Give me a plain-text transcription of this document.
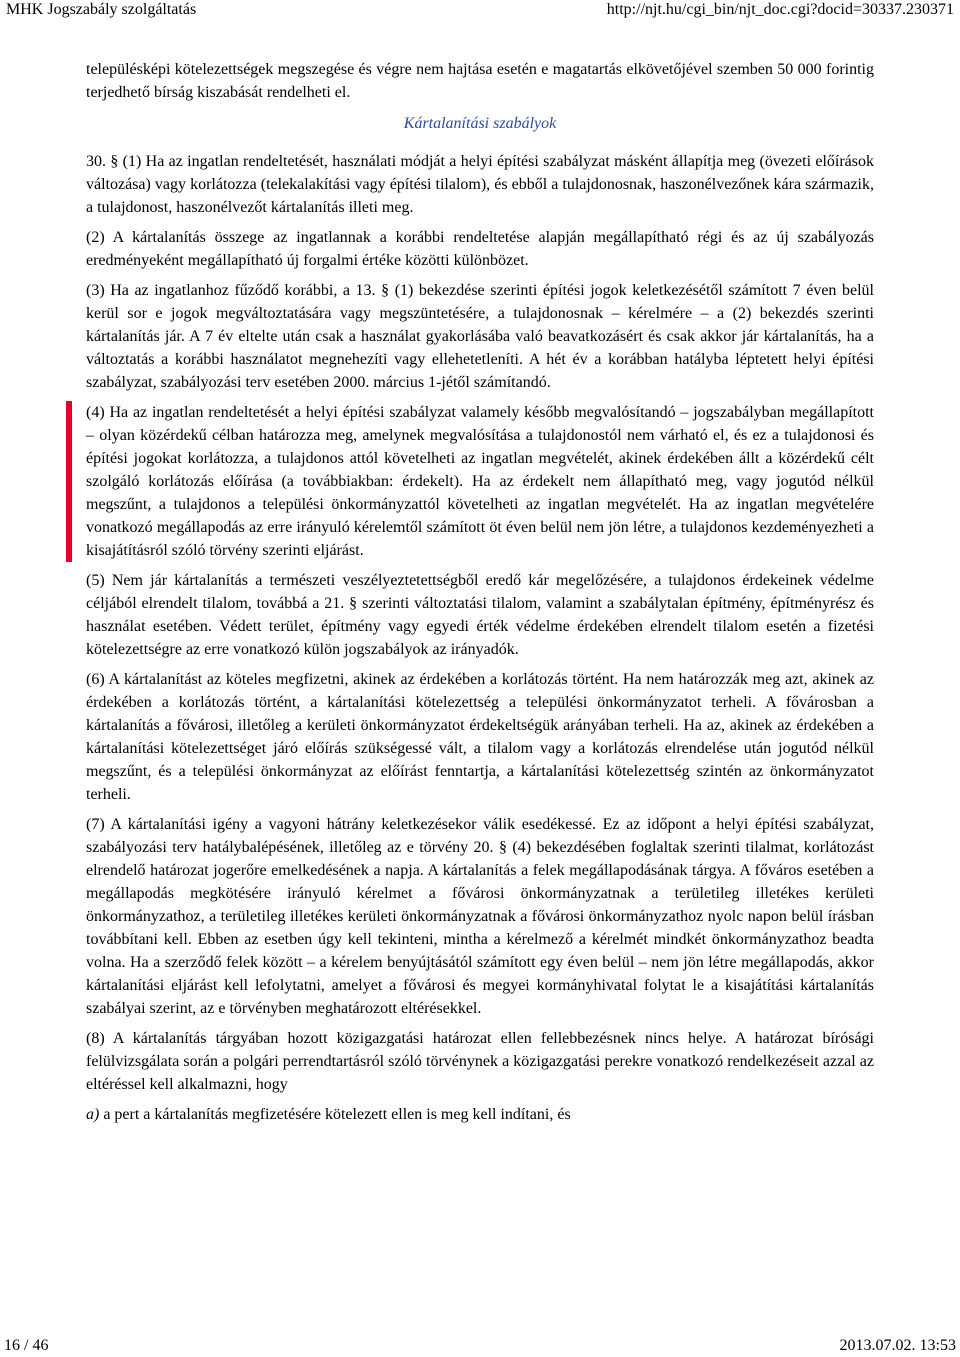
MHK Jogszabály szolgáltatás	http://njt.hu/cgi_bin/njt_doc.cgi?docid=30337.230371

településképi kötelezettségek megszegése és végre nem hajtása esetén e magatartás elkövetőjével szemben 50 000 forintig terjedhető bírság kiszabását rendelheti el.

Kártalanítási szabályok

30. § (1) Ha az ingatlan rendeltetését, használati módját a helyi építési szabályzat másként állapítja meg (övezeti előírások változása) vagy korlátozza (telekalakítási vagy építési tilalom), és ebből a tulajdonosnak, haszonélvezőnek kára származik, a tulajdonost, haszonélvezőt kártalanítás illeti meg.

(2) A kártalanítás összege az ingatlannak a korábbi rendeltetése alapján megállapítható régi és az új szabályozás eredményeként megállapítható új forgalmi értéke közötti különbözet.

(3) Ha az ingatlanhoz fűződő korábbi, a 13. § (1) bekezdése szerinti építési jogok keletkezésétől számított 7 éven belül kerül sor e jogok megváltoztatására vagy megszüntetésére, a tulajdonosnak – kérelmére – a (2) bekezdés szerinti kártalanítás jár. A 7 év eltelte után csak a használat gyakorlásába való beavatkozásért és csak akkor jár kártalanítás, ha a változtatás a korábbi használatot megnehezíti vagy ellehetetleníti. A hét év a korábban hatályba léptetett helyi építési szabályzat, szabályozási terv esetében 2000. március 1-jétől számítandó.

(4) Ha az ingatlan rendeltetését a helyi építési szabályzat valamely később megvalósítandó – jogszabályban megállapított – olyan közérdekű célban határozza meg, amelynek megvalósítása a tulajdonostól nem várható el, és ez a tulajdonosi és építési jogokat korlátozza, a tulajdonos attól követelheti az ingatlan megvételét, akinek érdekében állt a közérdekű célt szolgáló korlátozás előírása (a továbbiakban: érdekelt). Ha az érdekelt nem állapítható meg, vagy jogutód nélkül megszűnt, a tulajdonos a települési önkormányzattól követelheti az ingatlan megvételét. Ha az ingatlan megvételére vonatkozó megállapodás az erre irányuló kérelemtől számított öt éven belül nem jön létre, a tulajdonos kezdeményezheti a kisajátításról szóló törvény szerinti eljárást.

(5) Nem jár kártalanítás a természeti veszélyeztetettségből eredő kár megelőzésére, a tulajdonos érdekeinek védelme céljából elrendelt tilalom, továbbá a 21. § szerinti változtatási tilalom, valamint a szabálytalan építmény, építményrész és használat esetében. Védett terület, építmény vagy egyedi érték védelme érdekében elrendelt tilalom esetén a fizetési kötelezettségre az erre vonatkozó külön jogszabályok az irányadók.

(6) A kártalanítást az köteles megfizetni, akinek az érdekében a korlátozás történt. Ha nem határozzák meg azt, akinek az érdekében a korlátozás történt, a kártalanítási kötelezettség a települési önkormányzatot terheli. A fővárosban a kártalanítás a fővárosi, illetőleg a kerületi önkormányzatot érdekeltségük arányában terheli. Ha az, akinek az érdekében a kártalanítási kötelezettséget járó előírás szükségessé vált, a tilalom vagy a korlátozás elrendelése után jogutód nélkül megszűnt, és a települési önkormányzat az előírást fenntartja, a kártalanítási kötelezettség szintén az önkormányzatot terheli.

(7) A kártalanítási igény a vagyoni hátrány keletkezésekor válik esedékessé. Ez az időpont a helyi építési szabályzat, szabályozási terv hatálybalépésének, illetőleg az e törvény 20. § (4) bekezdésében foglaltak szerinti tilalmat, korlátozást elrendelő határozat jogerőre emelkedésének a napja. A kártalanítás a felek megállapodásának tárgya. A főváros esetében a megállapodás megkötésére irányuló kérelmet a fővárosi önkormányzatnak a területileg illetékes kerületi önkormányzathoz, a területileg illetékes kerületi önkormányzatnak a fővárosi önkormányzathoz nyolc napon belül írásban továbbítani kell. Ebben az esetben úgy kell tekinteni, mintha a kérelmező a kérelmét mindkét önkormányzathoz beadta volna. Ha a szerződő felek között – a kérelem benyújtásától számított egy éven belül – nem jön létre megállapodás, akkor kártalanítási eljárást kell lefolytatni, amelyet a fővárosi és megyei kormányhivatal folytat le a kisajátítási kártalanítás szabályai szerint, az e törvényben meghatározott eltérésekkel.

(8) A kártalanítás tárgyában hozott közigazgatási határozat ellen fellebbezésnek nincs helye. A határozat bírósági felülvizsgálata során a polgári perrendtartásról szóló törvénynek a közigazgatási perekre vonatkozó rendelkezéseit azzal az eltéréssel kell alkalmazni, hogy

a) a pert a kártalanítás megfizetésére kötelezett ellen is meg kell indítani, és

16 / 46	2013.07.02. 13:53
